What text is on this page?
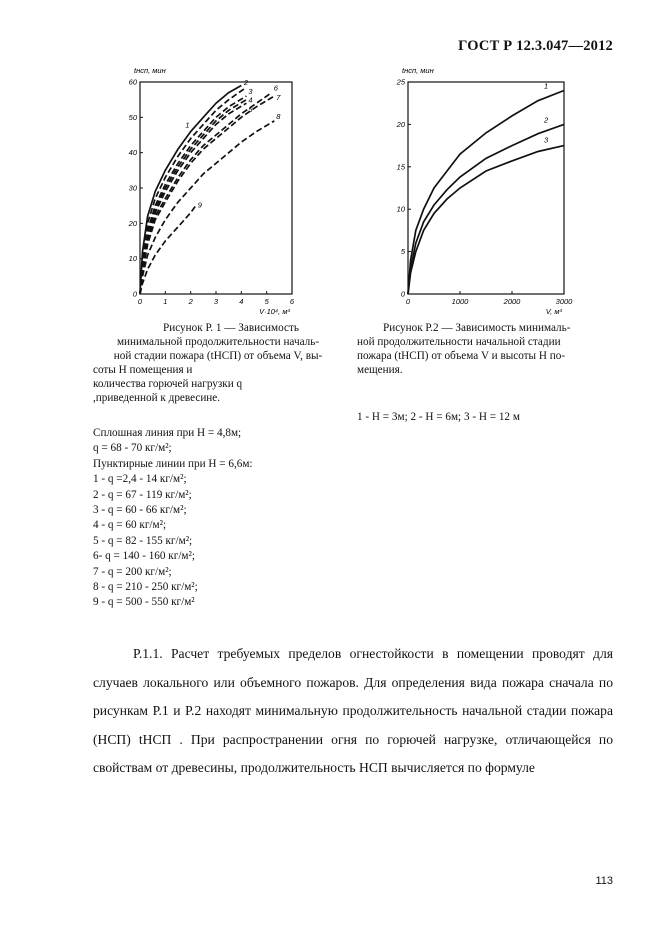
ГОСТ Р 12.3.047—2012
0	1	2	3	4	5	6
0
10
20
30
40
50
60
tнсп, мин
V·10⁴, м³
1
2
3
4
5
6
7
8
9
0	1000	2000	3000
0
5
10
15
20
25
tнсп, мин
V, м³
1
2
3
Рисунок Р. 1 — Зависимость
минимальной продолжительности началь-
ной стадии пожара (tНСП) от объема V, вы-
соты H помещения и
количества горючей нагрузки q
,приведенной к древесине.
Сплошная линия при H = 4,8м;
q = 68 - 70 кг/м²;
Пунктирные линии при H = 6,6м:
1 - q =2,4 - 14 кг/м²;
2 - q = 67 - 119 кг/м²;
3 - q = 60 - 66 кг/м²;
4 - q = 60 кг/м²;
5 - q = 82 - 155 кг/м²;
6- q = 140 - 160 кг/м²;
7 - q = 200 кг/м²;
8 - q = 210 - 250 кг/м²;
9 - q = 500 - 550 кг/м²
Рисунок Р.2 — Зависимость минималь-
ной продолжительности начальной стадии
пожара (tНСП) от объема V и высоты H по-
мещения.
1 - H = 3м; 2 - H = 6м; 3 - H = 12 м
Р.1.1. Расчет требуемых пределов огнестойкости в помещении проводят для случаев локального или объемного пожаров. Для определения вида пожара сначала по рисункам Р.1 и Р.2 находят минимальную продолжительность начальной стадии пожара (НСП) tНСП . При распространении огня по горючей нагрузке, отличающейся по свойствам от древесины, продолжительность НСП вычисляется по формуле
113
